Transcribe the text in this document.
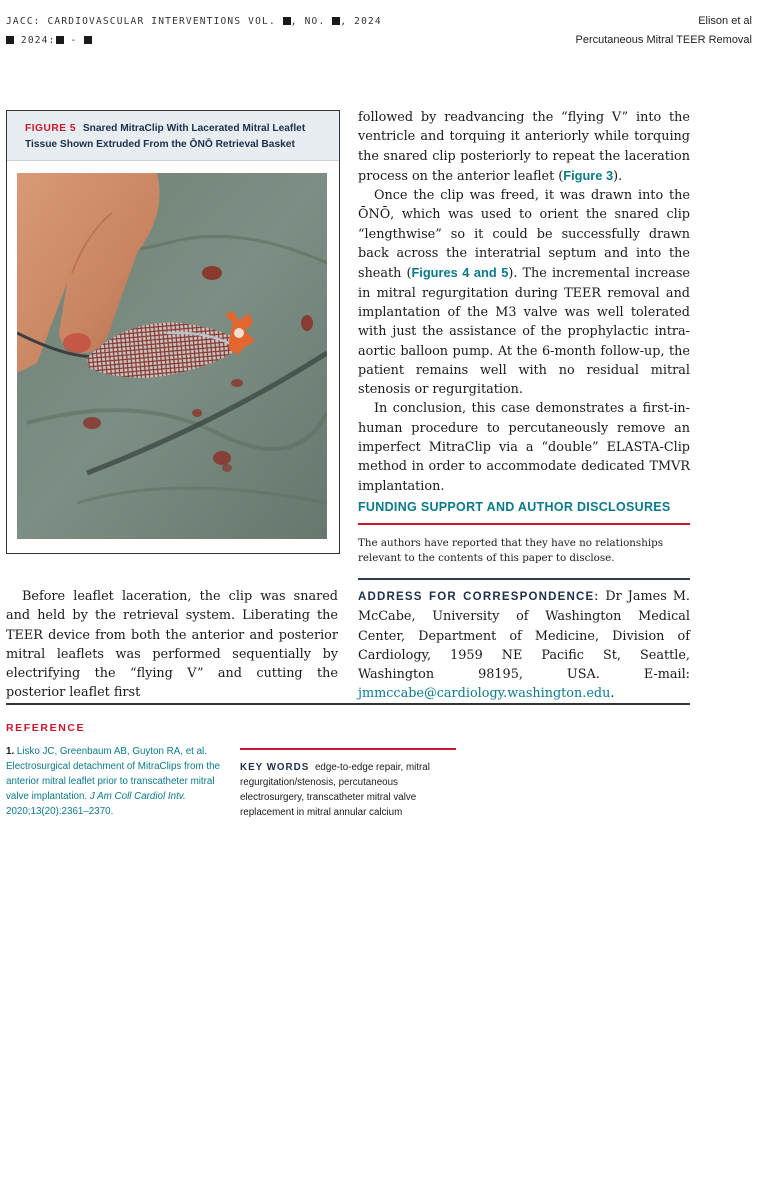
JACC: CARDIOVASCULAR INTERVENTIONS VOL. , NO. , 2024
2024: -
Elison et al
Percutaneous Mitral TEER Removal
FIGURE 5 Snared MitraClip With Lacerated Mitral Leaflet
Tissue Shown Extruded From the ŌNŌ Retrieval Basket

followed by readvancing the “flying V” into the ventricle and torquing it anteriorly while torquing the snared clip posteriorly to repeat the laceration process on the anterior leaflet (Figure 3).

Once the clip was freed, it was drawn into the ŌNŌ, which was used to orient the snared clip “lengthwise” so it could be successfully drawn back across the interatrial septum and into the sheath (Figures 4 and 5). The incremental increase in mitral regurgitation during TEER removal and implantation of the M3 valve was well tolerated with just the assistance of the prophylactic intra-aortic balloon pump. At the 6-month follow-up, the patient remains well with no residual mitral stenosis or regurgitation.

In conclusion, this case demonstrates a first-in-human procedure to percutaneously remove an imperfect MitraClip via a “double” ELASTA-Clip method in order to accommodate dedicated TMVR implantation.

FUNDING SUPPORT AND AUTHOR DISCLOSURES
The authors have reported that they have no relationships relevant to the contents of this paper to disclose.

Before leaflet laceration, the clip was snared and held by the retrieval system. Liberating the TEER device from both the anterior and posterior mitral leaflets was performed sequentially by electrifying the “flying V” and cutting the posterior leaflet first

ADDRESS FOR CORRESPONDENCE: Dr James M. McCabe, University of Washington Medical Center, Department of Medicine, Division of Cardiology, 1959 NE Pacific St, Seattle, Washington 98195, USA. E-mail: jmmccabe@cardiology.washington.edu.

REFERENCE
1. Lisko JC, Greenbaum AB, Guyton RA, et al. Electrosurgical detachment of MitraClips from the anterior mitral leaflet prior to transcatheter mitral valve implantation. J Am Coll Cardiol Intv. 2020;13(20):2361–2370.
KEY WORDS edge-to-edge repair, mitral regurgitation/stenosis, percutaneous electrosurgery, transcatheter mitral valve replacement in mitral annular calcium
